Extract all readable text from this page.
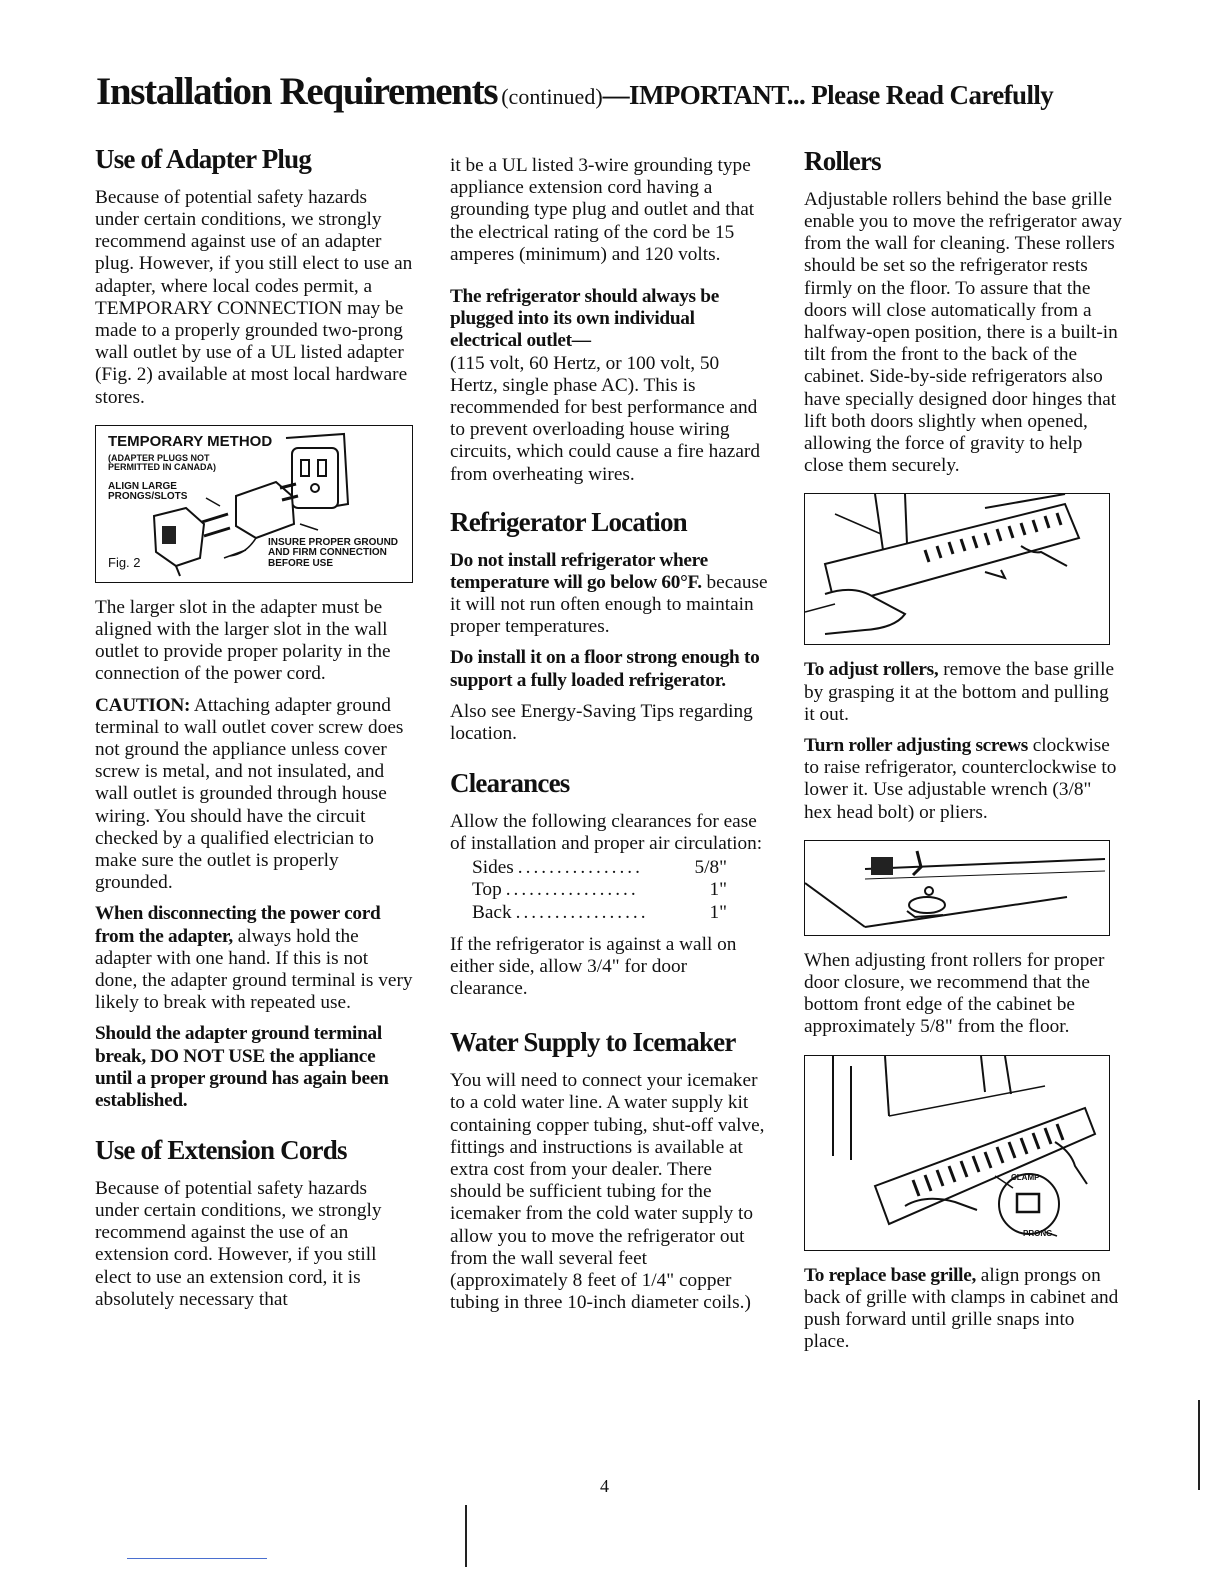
Installation Requirements (continued)—IMPORTANT... Please Read Carefully
Use of Adapter Plug

Because of potential safety hazards under certain conditions, we strongly recommend against use of an adapter plug. However, if you still elect to use an adapter, where local codes permit, a TEMPORARY CONNECTION may be made to a properly grounded two-prong wall outlet by use of a UL listed adapter (Fig. 2) available at most local hardware stores.

TEMPORARY METHOD
(ADAPTER PLUGS NOT PERMITTED IN CANADA)
ALIGN LARGE PRONGS/SLOTS
INSURE PROPER GROUND AND FIRM CONNECTION BEFORE USE
Fig. 2

The larger slot in the adapter must be aligned with the larger slot in the wall outlet to provide proper polarity in the connection of the power cord.

CAUTION: Attaching adapter ground terminal to wall outlet cover screw does not ground the appliance unless cover screw is metal, and not insulated, and wall outlet is grounded through house wiring. You should have the circuit checked by a qualified electrician to make sure the outlet is properly grounded.

When disconnecting the power cord from the adapter, always hold the adapter with one hand. If this is not done, the adapter ground terminal is very likely to break with repeated use.

Should the adapter ground terminal break, DO NOT USE the appliance until a proper ground has again been established.

Use of Extension Cords

Because of potential safety hazards under certain conditions, we strongly recommend against the use of an extension cord. However, if you still elect to use an extension cord, it is absolutely necessary that

it be a UL listed 3-wire grounding type appliance extension cord having a grounding type plug and outlet and that the electrical rating of the cord be 15 amperes (minimum) and 120 volts.

The refrigerator should always be plugged into its own individual electrical outlet—
(115 volt, 60 Hertz, or 100 volt, 50 Hertz, single phase AC). This is recommended for best performance and to prevent overloading house wiring circuits, which could cause a fire hazard from overheating wires.

Refrigerator Location

Do not install refrigerator where temperature will go below 60°F. because it will not run often enough to maintain proper temperatures.

Do install it on a floor strong enough to support a fully loaded refrigerator.

Also see Energy-Saving Tips regarding location.

Clearances

Allow the following clearances for ease of installation and proper air circulation:

Sides ................	5/8"
Top .................	1"
Back .................	1"

If the refrigerator is against a wall on either side, allow 3/4" for door clearance.

Water Supply to Icemaker

You will need to connect your icemaker to a cold water line. A water supply kit containing copper tubing, shut-off valve, fittings and instructions is available at extra cost from your dealer. There should be sufficient tubing for the icemaker from the cold water supply to allow you to move the refrigerator out from the wall several feet (approximately 8 feet of 1/4" copper tubing in three 10-inch diameter coils.)

Rollers

Adjustable rollers behind the base grille enable you to move the refrigerator away from the wall for cleaning. These rollers should be set so the refrigerator rests firmly on the floor. To assure that the doors will close automatically from a halfway-open position, there is a built-in tilt from the front to the back of the cabinet. Side-by-side refrigerators also have specially designed door hinges that lift both doors slightly when opened, allowing the force of gravity to help close them securely.

To adjust rollers, remove the base grille by grasping it at the bottom and pulling it out.

Turn roller adjusting screws clockwise to raise refrigerator, counterclockwise to lower it. Use adjustable wrench (3/8" hex head bolt) or pliers.

When adjusting front rollers for proper door closure, we recommend that the bottom front edge of the cabinet be approximately 5/8" from the floor.

CLAMP
PRONG

To replace base grille, align prongs on back of grille with clamps in cabinet and push forward until grille snaps into place.

4
